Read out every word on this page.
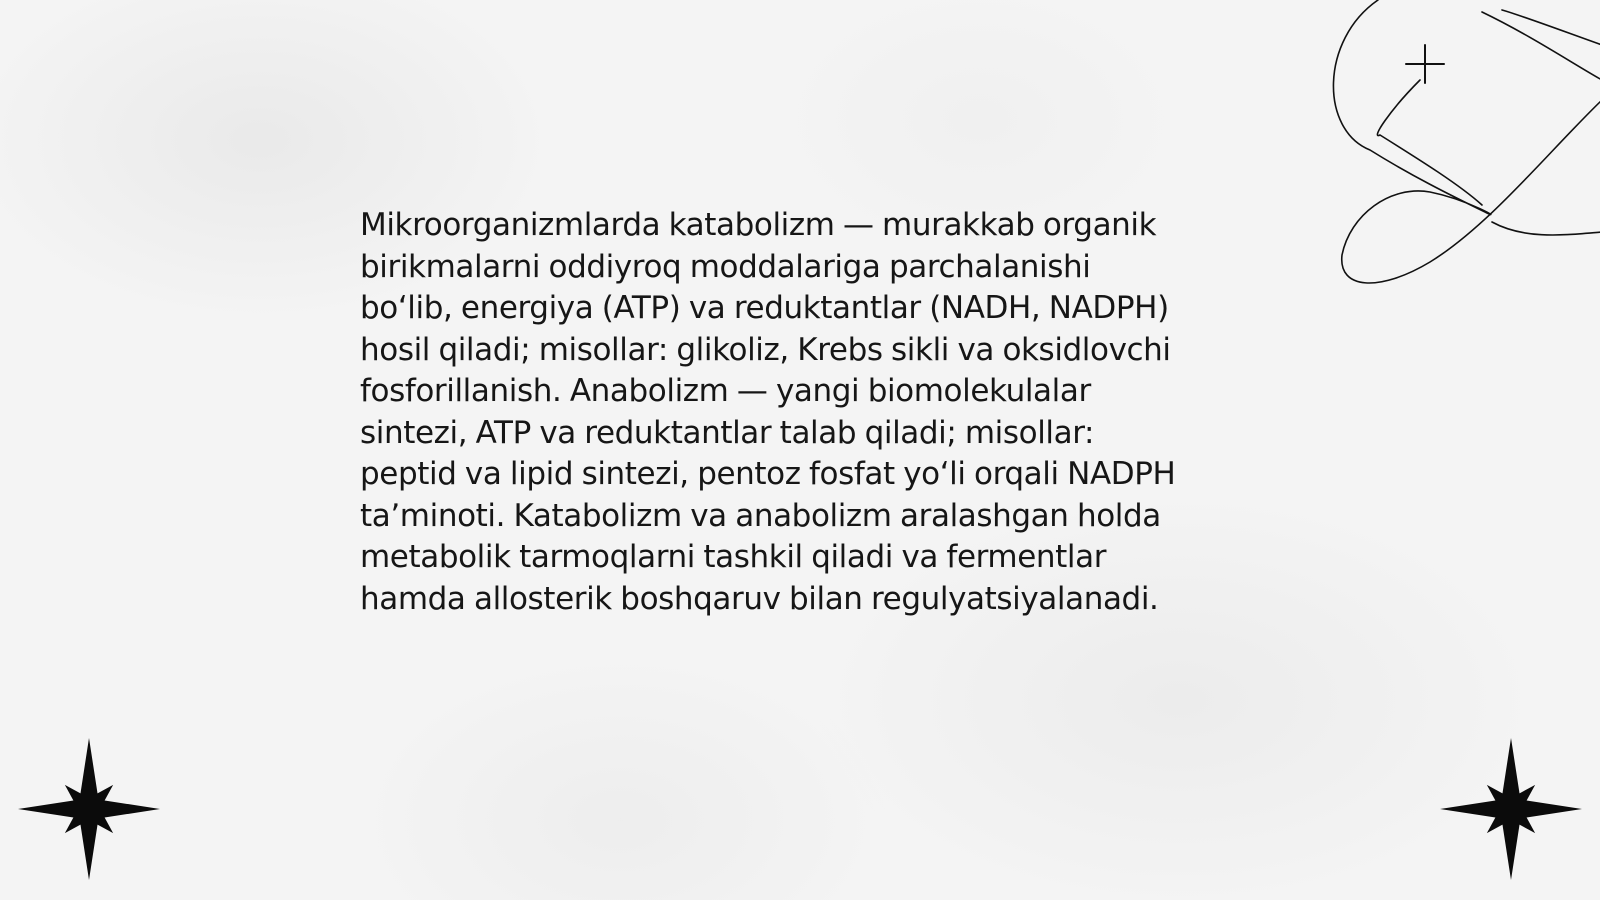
Mikroorganizmlarda katabolizm — murakkab organik
birikmalarni oddiyroq moddalariga parchalanishi
bo‘lib, energiya (ATP) va reduktantlar (NADH, NADPH)
hosil qiladi; misollar: glikoliz, Krebs sikli va oksidlovchi
fosforillanish. Anabolizm — yangi biomolekulalar
sintezi, ATP va reduktantlar talab qiladi; misollar:
peptid va lipid sintezi, pentoz fosfat yo‘li orqali NADPH
ta’minoti. Katabolizm va anabolizm aralashgan holda
metabolik tarmoqlarni tashkil qiladi va fermentlar
hamda allosterik boshqaruv bilan regulyatsiyalanadi.
